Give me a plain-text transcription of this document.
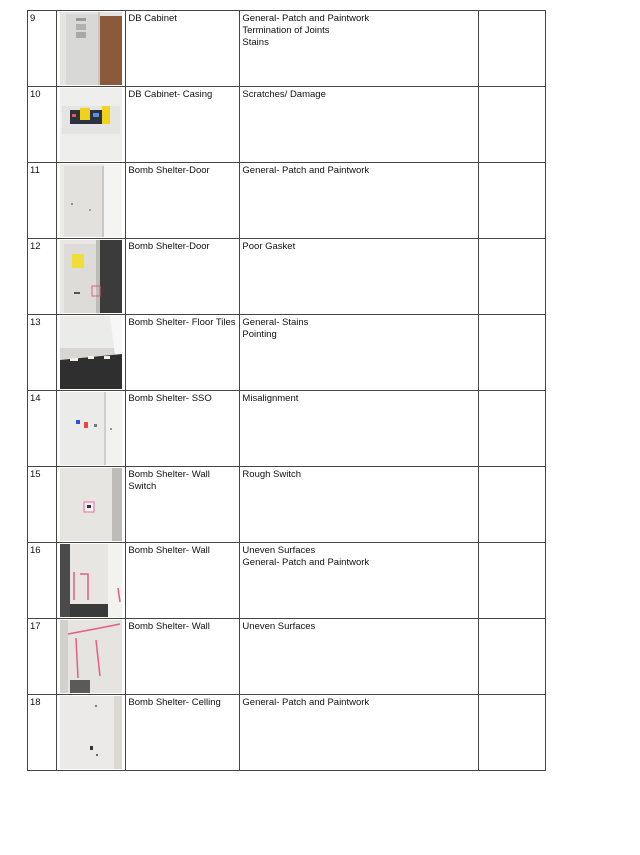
9		DB Cabinet	General- Patch and Paintwork
Termination of Joints
Stains	

10		DB Cabinet- Casing	Scratches/ Damage	

11		Bomb Shelter-Door	General- Patch and Paintwork	

12		Bomb Shelter-Door	Poor Gasket	

13		Bomb Shelter- Floor Tiles	General- Stains
Pointing	

14		Bomb Shelter- SSO	Misalignment	

15		Bomb Shelter- Wall
Switch	Rough Switch	

16		Bomb Shelter- Wall	Uneven Surfaces
General- Patch and Paintwork	

17		Bomb Shelter- Wall	Uneven Surfaces	

18		Bomb Shelter- Celling	General- Patch and Paintwork	
